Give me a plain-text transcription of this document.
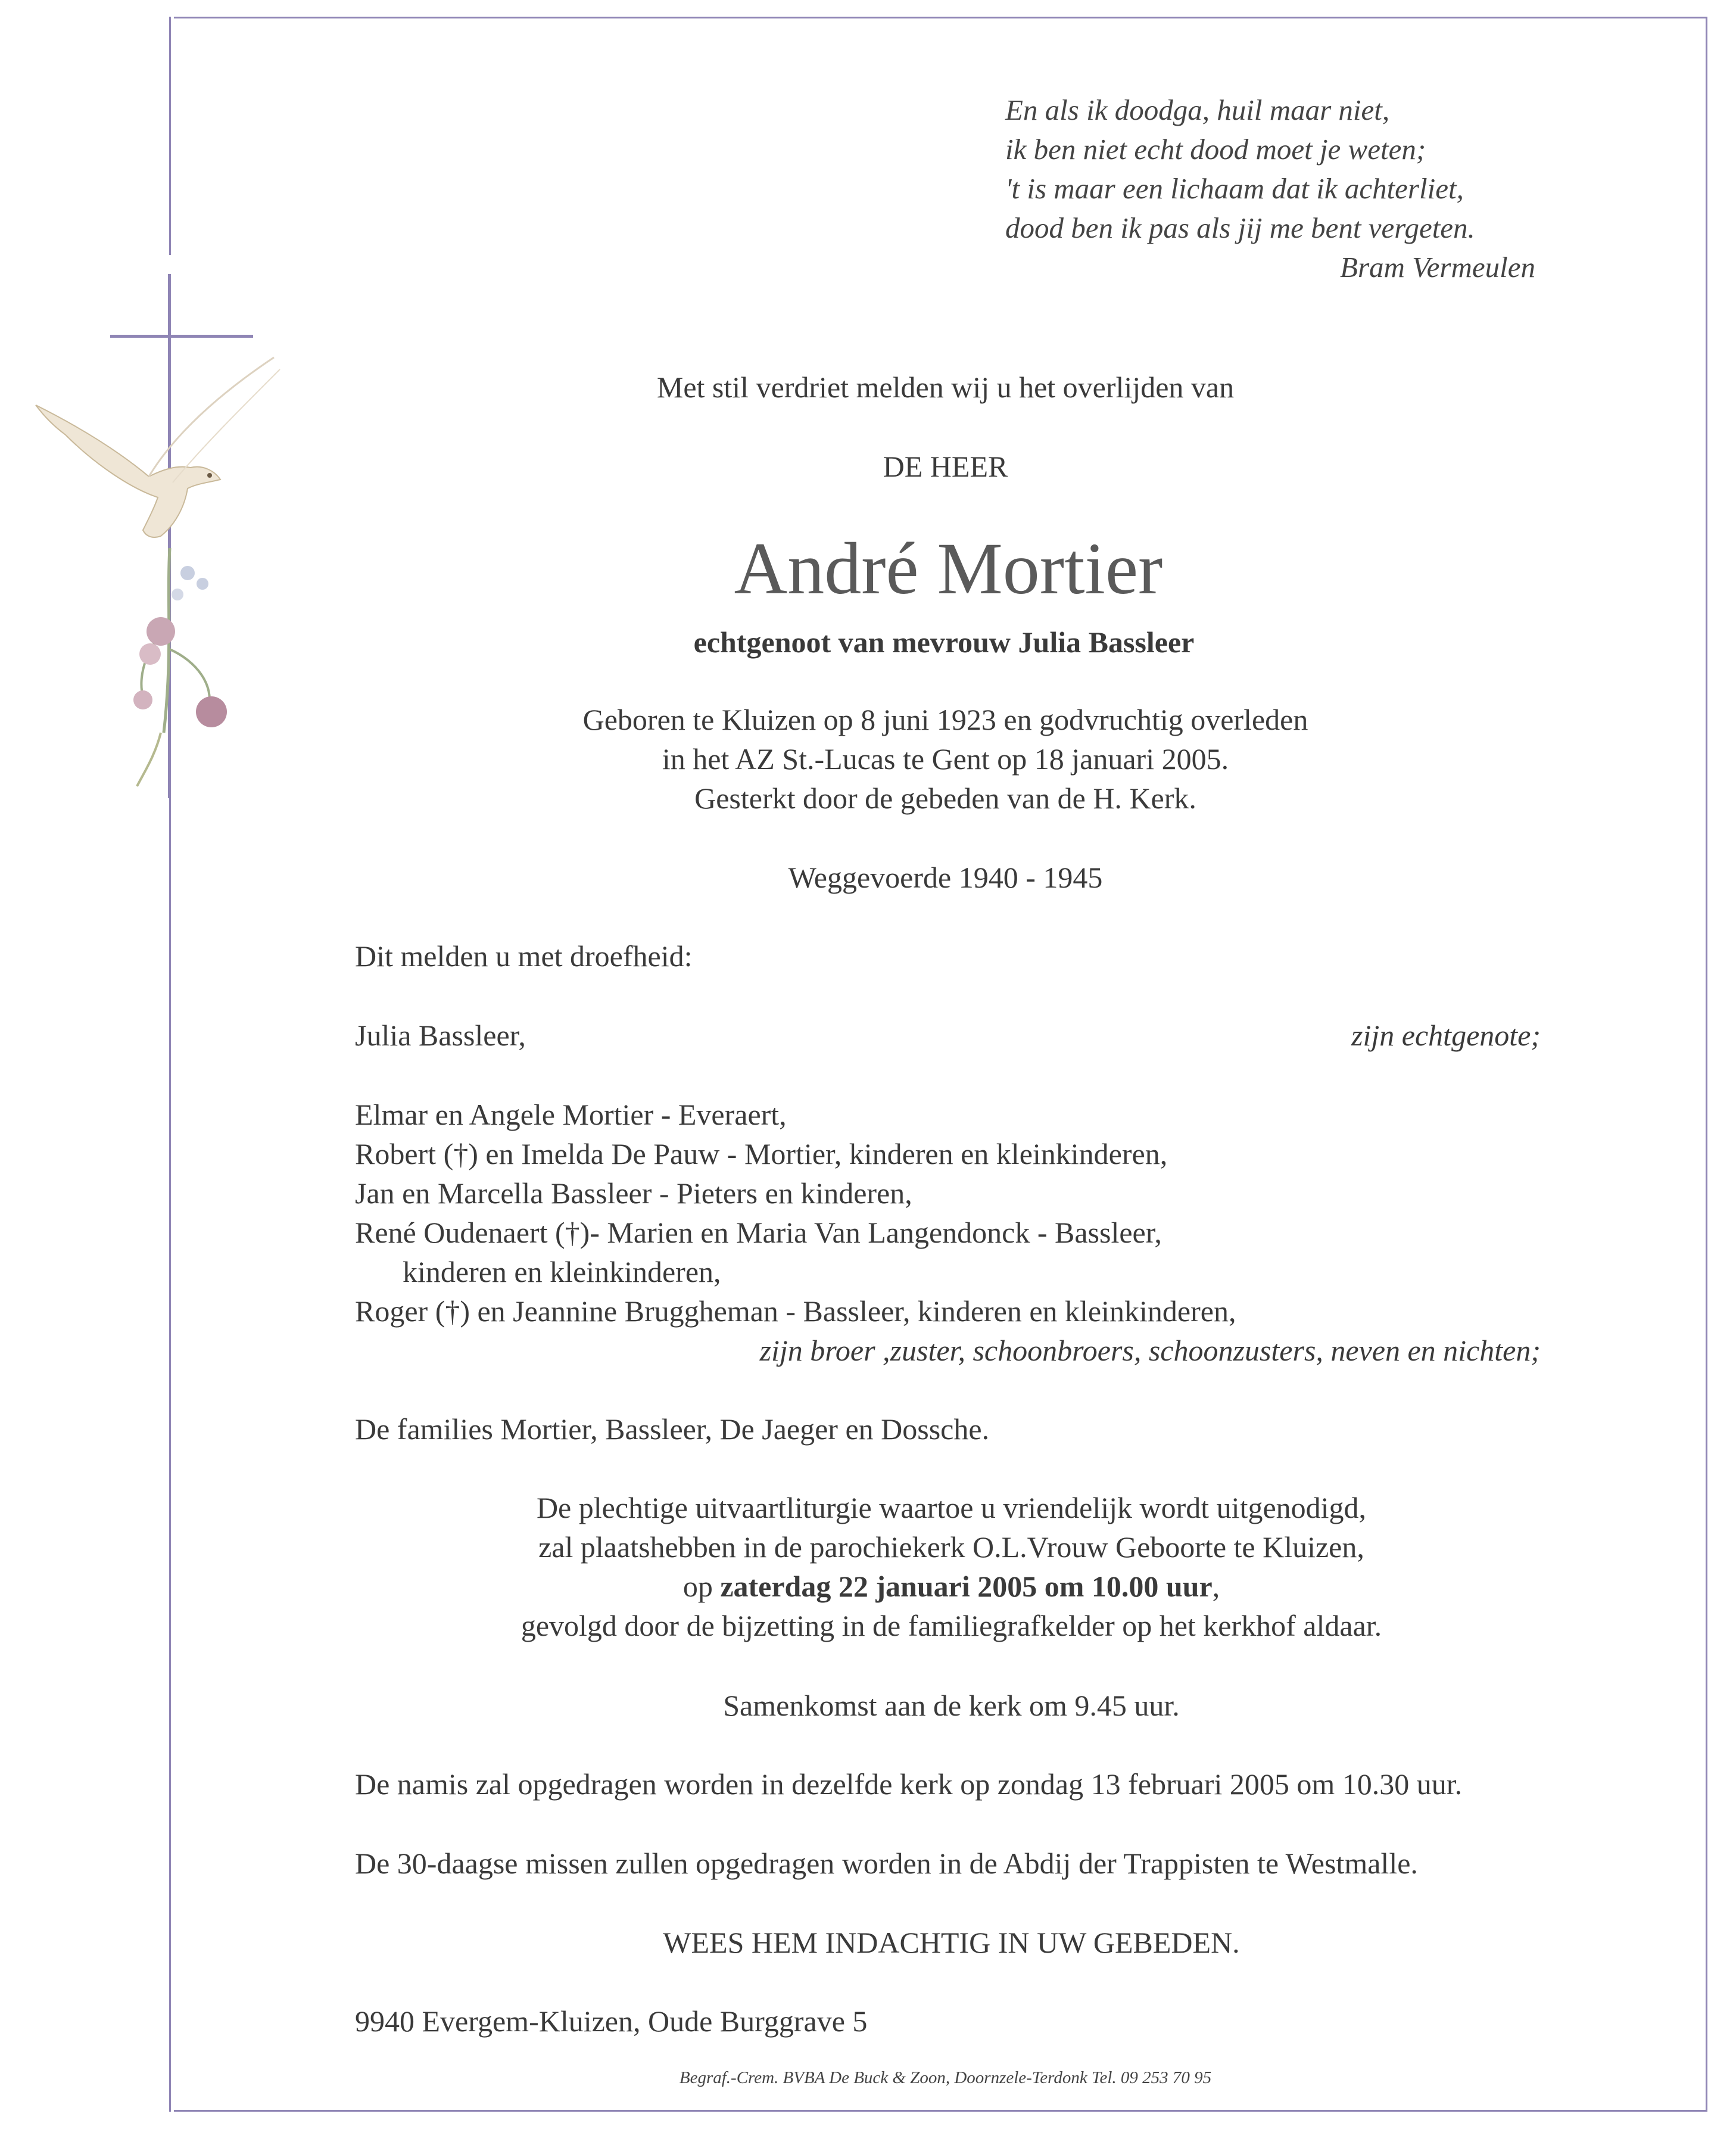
En als ik doodga, huil maar niet,
ik ben niet echt dood moet je weten;
't is maar een lichaam dat ik achterliet,
dood ben ik pas als jij me bent vergeten.
Bram Vermeulen
Met stil verdriet melden wij u het overlijden van
DE HEER
André Mortier
echtgenoot van mevrouw Julia Bassleer
Geboren te Kluizen op 8 juni 1923 en godvruchtig overleden
in het AZ St.-Lucas te Gent op 18 januari 2005.
Gesterkt door de gebeden van de H. Kerk.
Weggevoerde 1940 - 1945
Dit melden u met droefheid:
Julia Bassleer,	zijn echtgenote;
Elmar en Angele Mortier - Everaert,
Robert (†) en Imelda De Pauw - Mortier, kinderen en kleinkinderen,
Jan en Marcella Bassleer - Pieters en kinderen,
René Oudenaert (†)- Marien en Maria Van Langendonck - Bassleer,
kinderen en kleinkinderen,
Roger (†) en Jeannine Bruggheman - Bassleer, kinderen en kleinkinderen,
zijn broer ,zuster, schoonbroers, schoonzusters, neven en nichten;
De families Mortier, Bassleer, De Jaeger en Dossche.
De plechtige uitvaartliturgie waartoe u vriendelijk wordt uitgenodigd,
zal plaatshebben in de parochiekerk O.L.Vrouw Geboorte te Kluizen,
op zaterdag 22 januari 2005 om 10.00 uur,
gevolgd door de bijzetting in de familiegrafkelder op het kerkhof aldaar.
Samenkomst aan de kerk om 9.45 uur.
De namis zal opgedragen worden in dezelfde kerk op zondag 13 februari 2005 om 10.30 uur.
De 30-daagse missen zullen opgedragen worden in de Abdij der Trappisten te Westmalle.
WEES HEM INDACHTIG IN UW GEBEDEN.
9940 Evergem-Kluizen, Oude Burggrave 5
Begraf.-Crem. BVBA De Buck & Zoon, Doornzele-Terdonk Tel. 09 253 70 95
